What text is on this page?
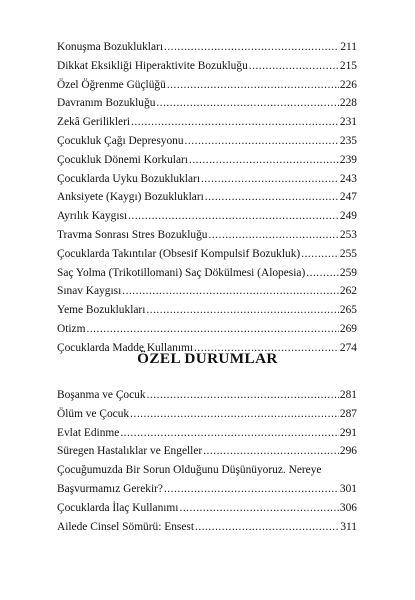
Konuşma Bozuklukları .....	211
Dikkat Eksikliği Hiperaktivite Bozukluğu .....	215
Özel Öğrenme Güçlüğü .....	226
Davranım Bozukluğu .....	228
Zekâ Gerilikleri .....	231
Çocukluk Çağı Depresyonu .....	235
Çocukluk Dönemi Korkuları .....	239
Çocuklarda Uyku Bozuklukları .....	243
Anksiyete (Kaygı) Bozuklukları .....	247
Ayrılık Kaygısı .....	249
Travma Sonrası Stres Bozukluğu .....	253
Çocuklarda Takıntılar (Obsesif Kompulsif Bozukluk) .....	255
Saç Yolma (Trikotillomani) Saç Dökülmesi (Alopesia) .....	259
Sınav Kaygısı .....	262
Yeme Bozuklukları .....	265
Otizm .....	269
Çocuklarda Madde Kullanımı .....	274
ÖZEL DURUMLAR
Boşanma ve Çocuk .....	281
Ölüm ve Çocuk .....	287
Evlat Edinme .....	291
Süregen Hastalıklar ve Engeller .....	296
Çocuğumuzda Bir Sorun Olduğunu Düşünüyoruz. Nereye
Başvurmamız Gerekir? .....	301
Çocuklarda İlaç Kullanımı .....	306
Ailede Cinsel Sömürü: Ensest .....	311
